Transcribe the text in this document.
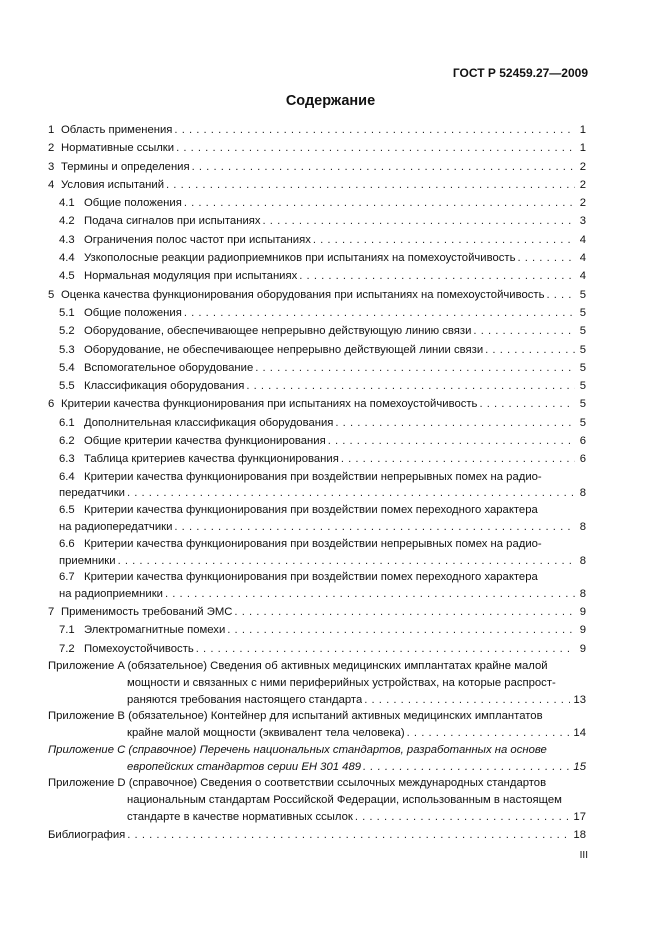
ГОСТ Р 52459.27—2009
Содержание
1 Область применения . . .	1
2 Нормативные ссылки . . .	1
3 Термины и определения . . .	2
4 Условия испытаний . . .	2
4.1 Общие положения . . .	2
4.2 Подача сигналов при испытаниях . . .	3
4.3 Ограничения полос частот при испытаниях . . .	4
4.4 Узкополосные реакции радиоприемников при испытаниях на помехоустойчивость . . .	4
4.5 Нормальная модуляция при испытаниях . . .	4
5 Оценка качества функционирования оборудования при испытаниях на помехоустойчивость . . .	5
5.1 Общие положения . . .	5
5.2 Оборудование, обеспечивающее непрерывно действующую линию связи . . .	5
5.3 Оборудование, не обеспечивающее непрерывно действующей линии связи . . .	5
5.4 Вспомогательное оборудование . . .	5
5.5 Классификация оборудования . . .	5
6 Критерии качества функционирования при испытаниях на помехоустойчивость . . .	5
6.1 Дополнительная классификация оборудования . . .	5
6.2 Общие критерии качества функционирования . . .	6
6.3 Таблица критериев качества функционирования . . .	6
6.4 Критерии качества функционирования при воздействии непрерывных помех на радио-
передатчики . . .	8
6.5 Критерии качества функционирования при воздействии помех переходного характера
на радиопередатчики . . .	8
6.6 Критерии качества функционирования при воздействии непрерывных помех на радио-
приемники . . .	8
6.7 Критерии качества функционирования при воздействии помех переходного характера
на радиоприемники . . .	8
7 Применимость требований ЭМС . . .	9
7.1 Электромагнитные помехи . . .	9
7.2 Помехоустойчивость . . .	9
Приложение A (обязательное) Сведения об активных медицинских имплантатах крайне малой
мощности и связанных с ними периферийных устройствах, на которые распрост-
раняются требования настоящего стандарта . . .	13
Приложение B (обязательное) Контейнер для испытаний активных медицинских имплантатов
крайне малой мощности (эквивалент тела человека) . . .	14
Приложение C (справочное) Перечень национальных стандартов, разработанных на основе
европейских стандартов серии ЕН 301 489 . . .	15
Приложение D (справочное) Сведения о соответствии ссылочных международных стандартов
национальным стандартам Российской Федерации, использованным в настоящем
стандарте в качестве нормативных ссылок . . .	17
Библиография . . .	18
III
